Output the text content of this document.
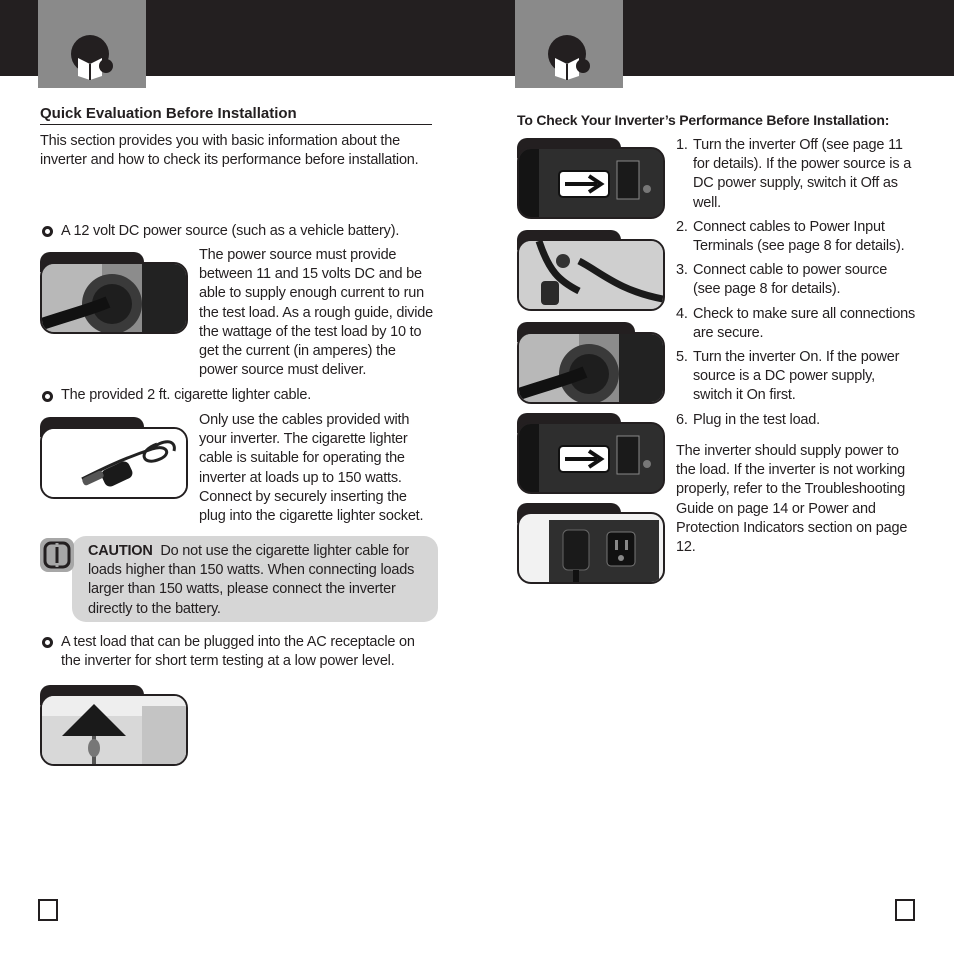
Quick Evaluation Before Installation

This section provides you with basic information about the inverter and how to check its performance before installation.

A 12 volt DC power source (such as a vehicle battery).

The power source must provide between 11 and 15 volts DC and be able to supply enough current to run the test load. As a rough guide, divide the wattage of the test load by 10 to get the current (in amperes) the power source must deliver.

The provided 2 ft. cigarette lighter cable.

Only use the cables provided with your inverter. The cigarette lighter cable is suitable for operating the inverter at loads up to 150 watts. Connect by securely inserting the plug into the cigarette lighter socket.

CAUTION Do not use the cigarette lighter cable for loads higher than 150 watts. When connecting loads larger than 150 watts, please connect the inverter directly to the battery.

A test load that can be plugged into the AC receptacle on the inverter for short term testing at a low power level.

To Check Your Inverter’s Performance Before Installation:

1. Turn the inverter Off (see page 11 for details). If the power source is a DC power supply, switch it Off as well.
2. Connect cables to Power Input Terminals (see page 8 for details).
3. Connect cable to power source (see page 8 for details).
4. Check to make sure all connections are secure.
5. Turn the inverter On. If the power source is a DC power supply, switch it On first.
6. Plug in the test load.

The inverter should supply power to the load. If the inverter is not working properly, refer to the Troubleshooting Guide on page 14 or Power and Protection Indicators section on page 12.
